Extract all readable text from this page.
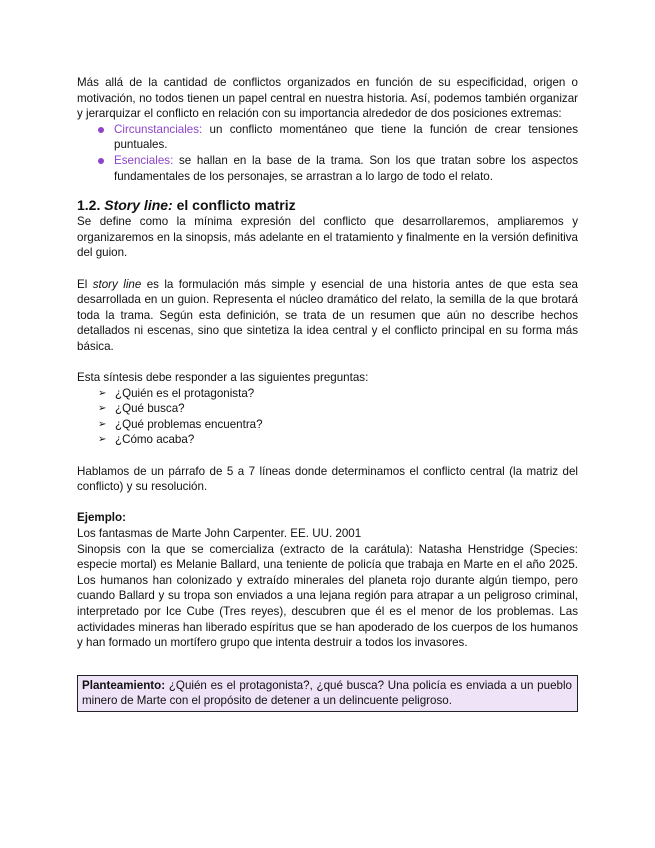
Más allá de la cantidad de conflictos organizados en función de su especificidad, origen o motivación, no todos tienen un papel central en nuestra historia. Así, podemos también organizar y jerarquizar el conflicto en relación con su importancia alrededor de dos posiciones extremas:

Circunstanciales: un conflicto momentáneo que tiene la función de crear tensiones puntuales.
Esenciales: se hallan en la base de la trama. Son los que tratan sobre los aspectos fundamentales de los personajes, se arrastran a lo largo de todo el relato.
1.2. Story line: el conflicto matriz

Se define como la mínima expresión del conflicto que desarrollaremos, ampliaremos y organizaremos en la sinopsis, más adelante en el tratamiento y finalmente en la versión definitiva del guion.

El story line es la formulación más simple y esencial de una historia antes de que esta sea desarrollada en un guion. Representa el núcleo dramático del relato, la semilla de la que brotará toda la trama. Según esta definición, se trata de un resumen que aún no describe hechos detallados ni escenas, sino que sintetiza la idea central y el conflicto principal en su forma más básica.

Esta síntesis debe responder a las siguientes preguntas:

➢ ¿Quién es el protagonista?
➢ ¿Qué busca?
➢ ¿Qué problemas encuentra?
➢ ¿Cómo acaba?

Hablamos de un párrafo de 5 a 7 líneas donde determinamos el conflicto central (la matriz del conflicto) y su resolución.

Ejemplo:

Los fantasmas de Marte John Carpenter. EE. UU. 2001

Sinopsis con la que se comercializa (extracto de la carátula): Natasha Henstridge (Species: especie mortal) es Melanie Ballard, una teniente de policía que trabaja en Marte en el año 2025. Los humanos han colonizado y extraído minerales del planeta rojo durante algún tiempo, pero cuando Ballard y su tropa son enviados a una lejana región para atrapar a un peligroso criminal, interpretado por Ice Cube (Tres reyes), descubren que él es el menor de los problemas. Las actividades mineras han liberado espíritus que se han apoderado de los cuerpos de los humanos y han formado un mortífero grupo que intenta destruir a todos los invasores.

Planteamiento: ¿Quién es el protagonista?, ¿qué busca? Una policía es enviada a un pueblo minero de Marte con el propósito de detener a un delincuente peligroso.
